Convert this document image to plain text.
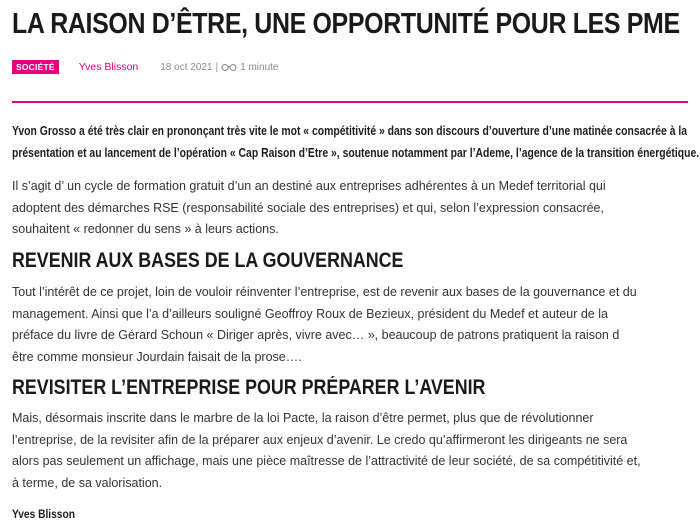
LA RAISON D’ÊTRE, UNE OPPORTUNITÉ POUR LES PME
SOCIÉTÉ	Yves Blisson 18 oct 2021 | 1 minute
Yvon Grosso a été très clair en prononçant très vite le mot « compétitivité » dans son discours d’ouverture d’une matinée consacrée à la
présentation et au lancement de l’opération « Cap Raison d’Etre », soutenue notamment par l’Ademe, l’agence de la transition énergétique.
Il s’agit d’ un cycle de formation gratuit d’un an destiné aux entreprises adhérentes à un Medef territorial qui
adoptent des démarches RSE (responsabilité sociale des entreprises) et qui, selon l’expression consacrée,
souhaitent « redonner du sens » à leurs actions.
REVENIR AUX BASES DE LA GOUVERNANCE
Tout l’intérêt de ce projet, loin de vouloir réinventer l’entreprise, est de revenir aux bases de la gouvernance et du
management. Ainsi que l’a d’ailleurs souligné Geoffroy Roux de Bezieux, président du Medef et auteur de la
préface du livre de Gérard Schoun « Diriger après, vivre avec… », beaucoup de patrons pratiquent la raison d
être comme monsieur Jourdain faisait de la prose….
REVISITER L’ENTREPRISE POUR PRÉPARER L’AVENIR
Mais, désormais inscrite dans le marbre de la loi Pacte, la raison d’être permet, plus que de révolutionner
l’entreprise, de la revisiter afin de la préparer aux enjeux d’avenir. Le credo qu’affirmeront les dirigeants ne sera
alors pas seulement un affichage, mais une pièce maîtresse de l’attractivité de leur société, de sa compétitivité et,
à terme, de sa valorisation.
Yves Blisson
